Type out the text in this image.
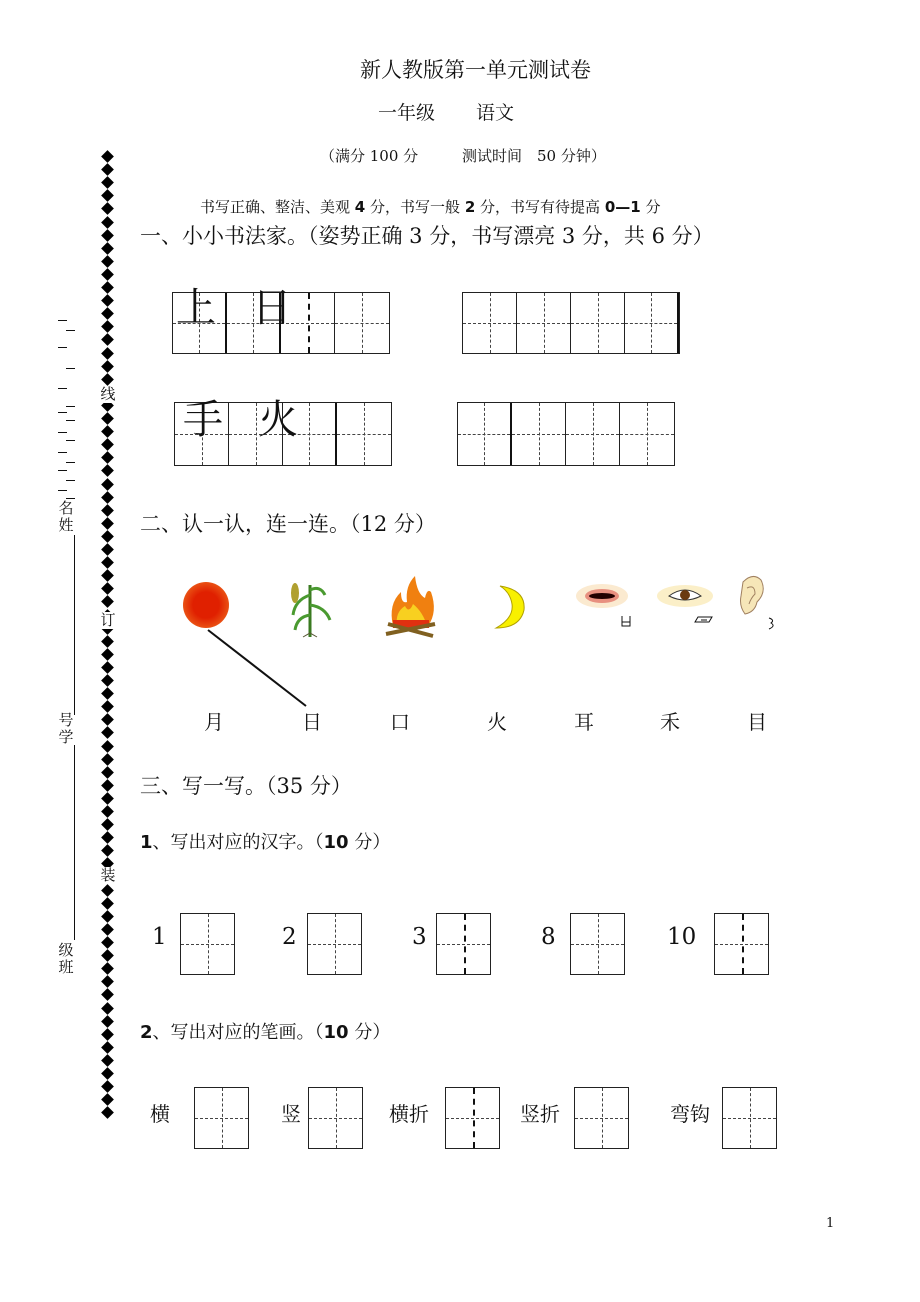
新人教版第一单元测试卷
一年级 语文
（满分 100 分	测试时间　50 分钟）
书写正确、整洁、美观 4 分，书写一般 2 分，书写有待提高 0—1 分
线
订
装
名姓
号学
级班
一、小小书法家。（姿势正确 3 分，书写漂亮 3 分，共 6 分）
上 日
手 火
二、认一认，连一连。（12 分）
月	日	口	火	耳	禾	目
三、写一写。（35 分）
1、写出对应的汉字。（10 分）
1	2	3	8	10
2、写出对应的笔画。（10 分）
横	竖	横折	竖折	弯钩
1
